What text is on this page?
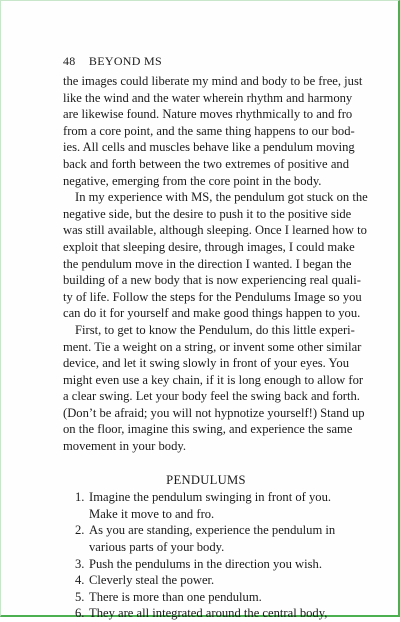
48 BEYOND MS

the images could liberate my mind and body to be free, just
like the wind and the water wherein rhythm and harmony
are likewise found. Nature moves rhythmically to and fro
from a core point, and the same thing happens to our bod-
ies. All cells and muscles behave like a pendulum moving
back and forth between the two extremes of positive and
negative, emerging from the core point in the body.

In my experience with MS, the pendulum got stuck on the
negative side, but the desire to push it to the positive side
was still available, although sleeping. Once I learned how to
exploit that sleeping desire, through images, I could make
the pendulum move in the direction I wanted. I began the
building of a new body that is now experiencing real quali-
ty of life. Follow the steps for the Pendulums Image so you
can do it for yourself and make good things happen to you.

First, to get to know the Pendulum, do this little experi-
ment. Tie a weight on a string, or invent some other similar
device, and let it swing slowly in front of your eyes. You
might even use a key chain, if it is long enough to allow for
a clear swing. Let your body feel the swing back and forth.
(Don’t be afraid; you will not hypnotize yourself!) Stand up
on the floor, imagine this swing, and experience the same
movement in your body.

PENDULUMS
1. Imagine the pendulum swinging in front of you.
Make it move to and fro.
2. As you are standing, experience the pendulum in
various parts of your body.
3. Push the pendulums in the direction you wish.
4. Cleverly steal the power.
5. There is more than one pendulum.
6. They are all integrated around the central body,
